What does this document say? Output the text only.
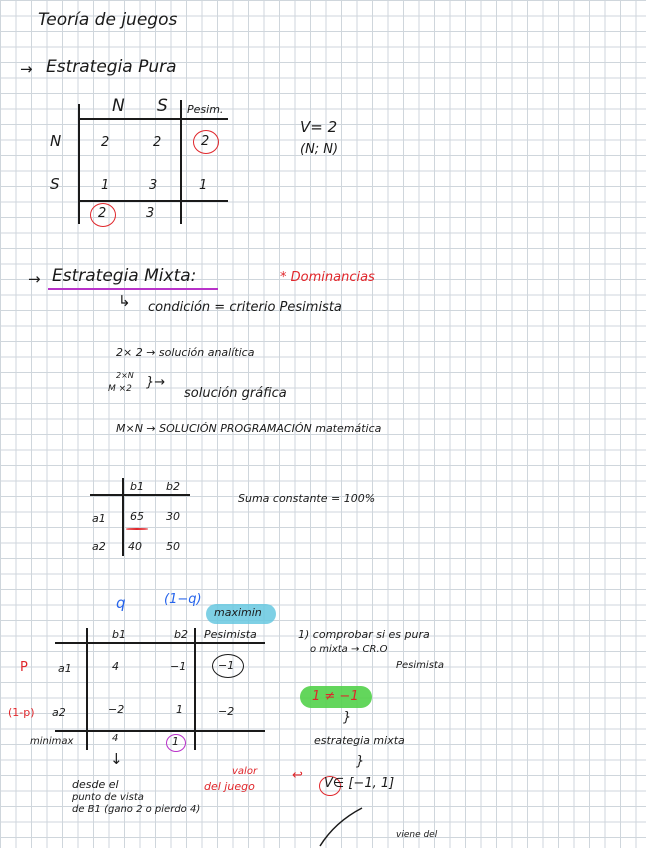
Teoría de juegos
→ Estrategia Pura
N S Pesim.
N	2	2	2
S	1	3	1
2	3
V= 2
(N; N)
→ Estrategia Mixta:	* Dominancias
↳ condición = criterio Pesimista
2× 2 → solución analítica
2×N
M ×2 }→
solución gráfica
M×N → SOLUCIÓN PROGRAMACIÓN matemática
b1 b2
a1 65 30
a2 40 50
Suma constante = 100%
q	(1−q)
maximin
b1	b2 Pesimista
P	a1	4	−1	−1
(1-p) a2	−2	1	−2
minimax	4	1
↓
desde el
punto de vista
de B1 (gano 2 o pierdo 4)
valor
del juego
1) comprobar si es pura
o mixta → CR.O
Pesimista
1 ≠ −1
}
estrategia mixta
}
↩
V∈ [−1, 1]
viene del
